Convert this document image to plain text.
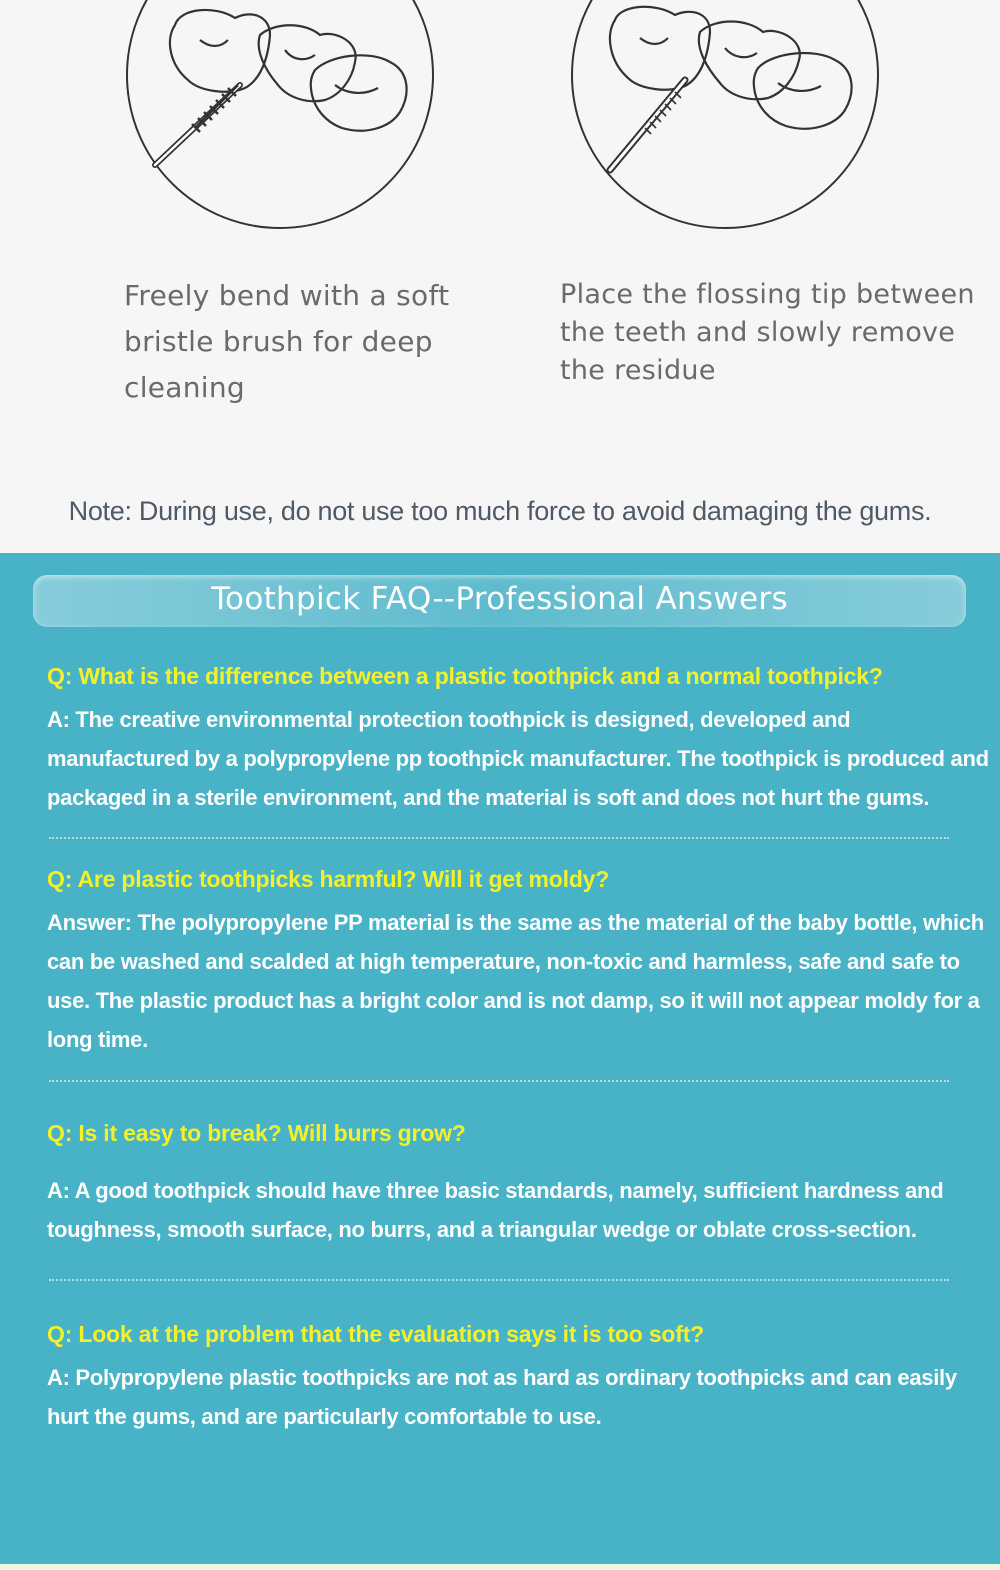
Freely bend with a soft bristle brush for deep cleaning
Place the flossing tip between the teeth and slowly remove the residue
Note: During use, do not use too much force to avoid damaging the gums.
Toothpick FAQ--Professional Answers

Q: What is the difference between a plastic toothpick and a normal toothpick?

A: The creative environmental protection toothpick is designed, developed and manufactured by a polypropylene pp toothpick manufacturer. The toothpick is produced and packaged in a sterile environment, and the material is soft and does not hurt the gums.

Q: Are plastic toothpicks harmful? Will it get moldy?

Answer: The polypropylene PP material is the same as the material of the baby bottle, which can be washed and scalded at high temperature, non-toxic and harmless, safe and safe to use. The plastic product has a bright color and is not damp, so it will not appear moldy for a long time.

Q: Is it easy to break? Will burrs grow?

A: A good toothpick should have three basic standards, namely, sufficient hardness and toughness, smooth surface, no burrs, and a triangular wedge or oblate cross-section.

Q: Look at the problem that the evaluation says it is too soft?

A: Polypropylene plastic toothpicks are not as hard as ordinary toothpicks and can easily hurt the gums, and are particularly comfortable to use.
